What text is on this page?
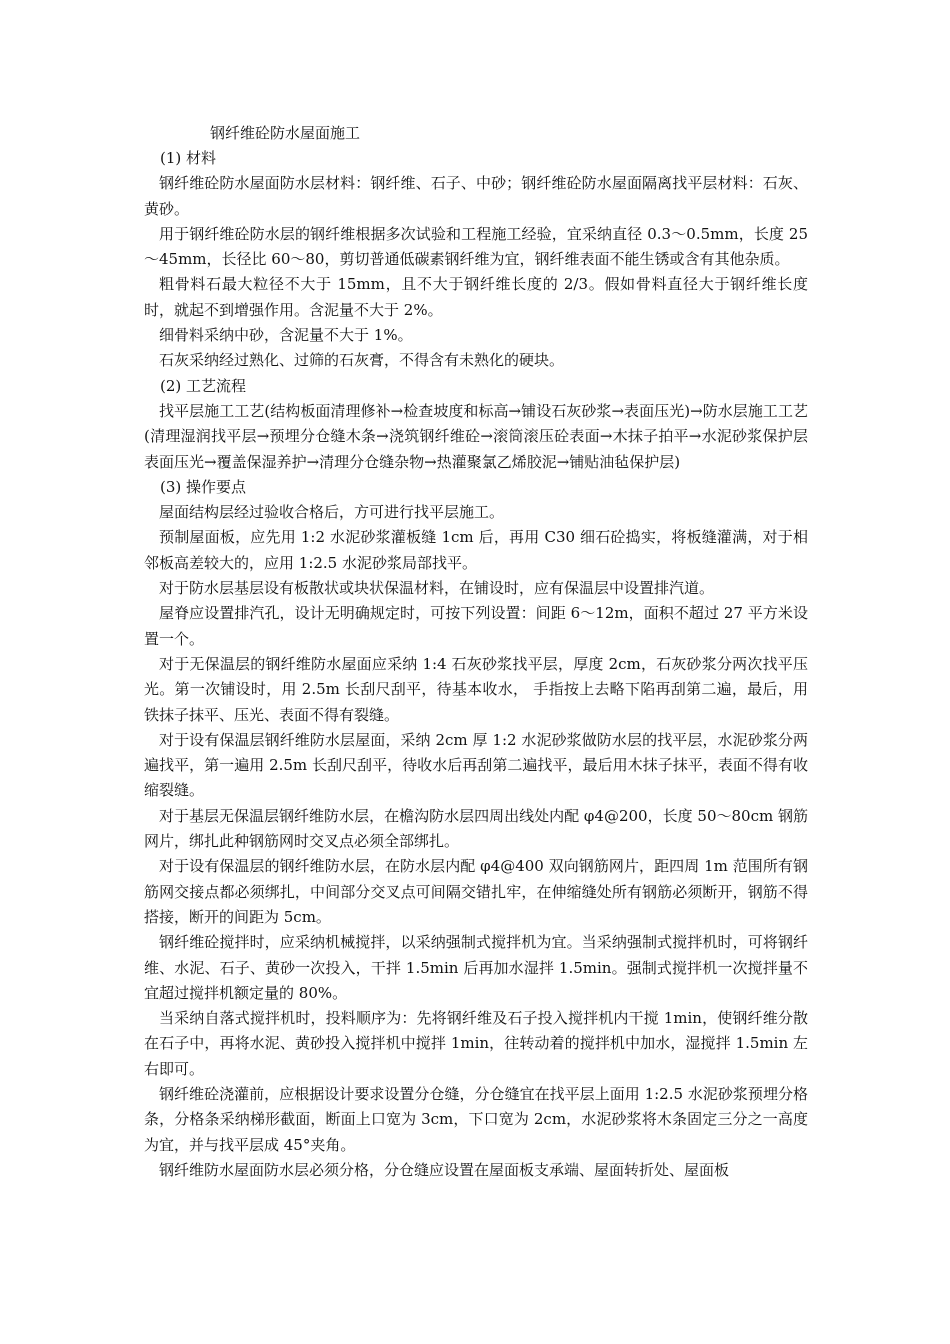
钢纤维砼防水屋面施工

(1) 材料

钢纤维砼防水屋面防水层材料：钢纤维、石子、中砂；钢纤维砼防水屋面隔离找平层材料：石灰、黄砂。

用于钢纤维砼防水层的钢纤维根据多次试验和工程施工经验，宜采纳直径 0.3～0.5mm，长度 25～45mm，长径比 60～80，剪切普通低碳素钢纤维为宜，钢纤维表面不能生锈或含有其他杂质。

粗骨料石最大粒径不大于 15mm，且不大于钢纤维长度的 2/3。假如骨料直径大于钢纤维长度时，就起不到增强作用。含泥量不大于 2%。

细骨料采纳中砂，含泥量不大于 1%。

石灰采纳经过熟化、过筛的石灰膏，不得含有未熟化的硬块。

(2) 工艺流程

找平层施工工艺(结构板面清理修补→检查坡度和标高→铺设石灰砂浆→表面压光)→防水层施工工艺(清理湿润找平层→预埋分仓缝木条→浇筑钢纤维砼→滚筒滚压砼表面→木抹子拍平→水泥砂浆保护层表面压光→覆盖保湿养护→清理分仓缝杂物→热灌聚氯乙烯胶泥→铺贴油毡保护层)

(3) 操作要点

屋面结构层经过验收合格后，方可进行找平层施工。

预制屋面板，应先用 1:2 水泥砂浆灌板缝 1cm 后，再用 C30 细石砼捣实，将板缝灌满，对于相邻板高差较大的，应用 1:2.5 水泥砂浆局部找平。

对于防水层基层设有板散状或块状保温材料，在铺设时，应有保温层中设置排汽道。

屋脊应设置排汽孔，设计无明确规定时，可按下列设置：间距 6～12m，面积不超过 27 平方米设置一个。

对于无保温层的钢纤维防水屋面应采纳 1:4 石灰砂浆找平层，厚度 2cm，石灰砂浆分两次找平压光。第一次铺设时，用 2.5m 长刮尺刮平，待基本收水， 手指按上去略下陷再刮第二遍，最后，用铁抹子抹平、压光、表面不得有裂缝。

对于设有保温层钢纤维防水层屋面，采纳 2cm 厚 1:2 水泥砂浆做防水层的找平层，水泥砂浆分两遍找平，第一遍用 2.5m 长刮尺刮平，待收水后再刮第二遍找平，最后用木抹子抹平，表面不得有收缩裂缝。

对于基层无保温层钢纤维防水层，在檐沟防水层四周出线处内配 φ4@200，长度 50～80cm 钢筋网片，绑扎此种钢筋网时交叉点必须全部绑扎。

对于设有保温层的钢纤维防水层，在防水层内配 φ4@400 双向钢筋网片，距四周 1m 范围所有钢筋网交接点都必须绑扎，中间部分交叉点可间隔交错扎牢，在伸缩缝处所有钢筋必须断开，钢筋不得搭接，断开的间距为 5cm。

钢纤维砼搅拌时，应采纳机械搅拌，以采纳强制式搅拌机为宜。当采纳强制式搅拌机时，可将钢纤维、水泥、石子、黄砂一次投入，干拌 1.5min 后再加水湿拌 1.5min。强制式搅拌机一次搅拌量不宜超过搅拌机额定量的 80%。

当采纳自落式搅拌机时，投料顺序为：先将钢纤维及石子投入搅拌机内干搅 1min，使钢纤维分散在石子中，再将水泥、黄砂投入搅拌机中搅拌 1min，往转动着的搅拌机中加水，湿搅拌 1.5min 左右即可。

钢纤维砼浇灌前，应根据设计要求设置分仓缝，分仓缝宜在找平层上面用 1:2.5 水泥砂浆预埋分格条，分格条采纳梯形截面，断面上口宽为 3cm，下口宽为 2cm，水泥砂浆将木条固定三分之一高度为宜，并与找平层成 45°夹角。

钢纤维防水屋面防水层必须分格，分仓缝应设置在屋面板支承端、屋面转折处、屋面板
